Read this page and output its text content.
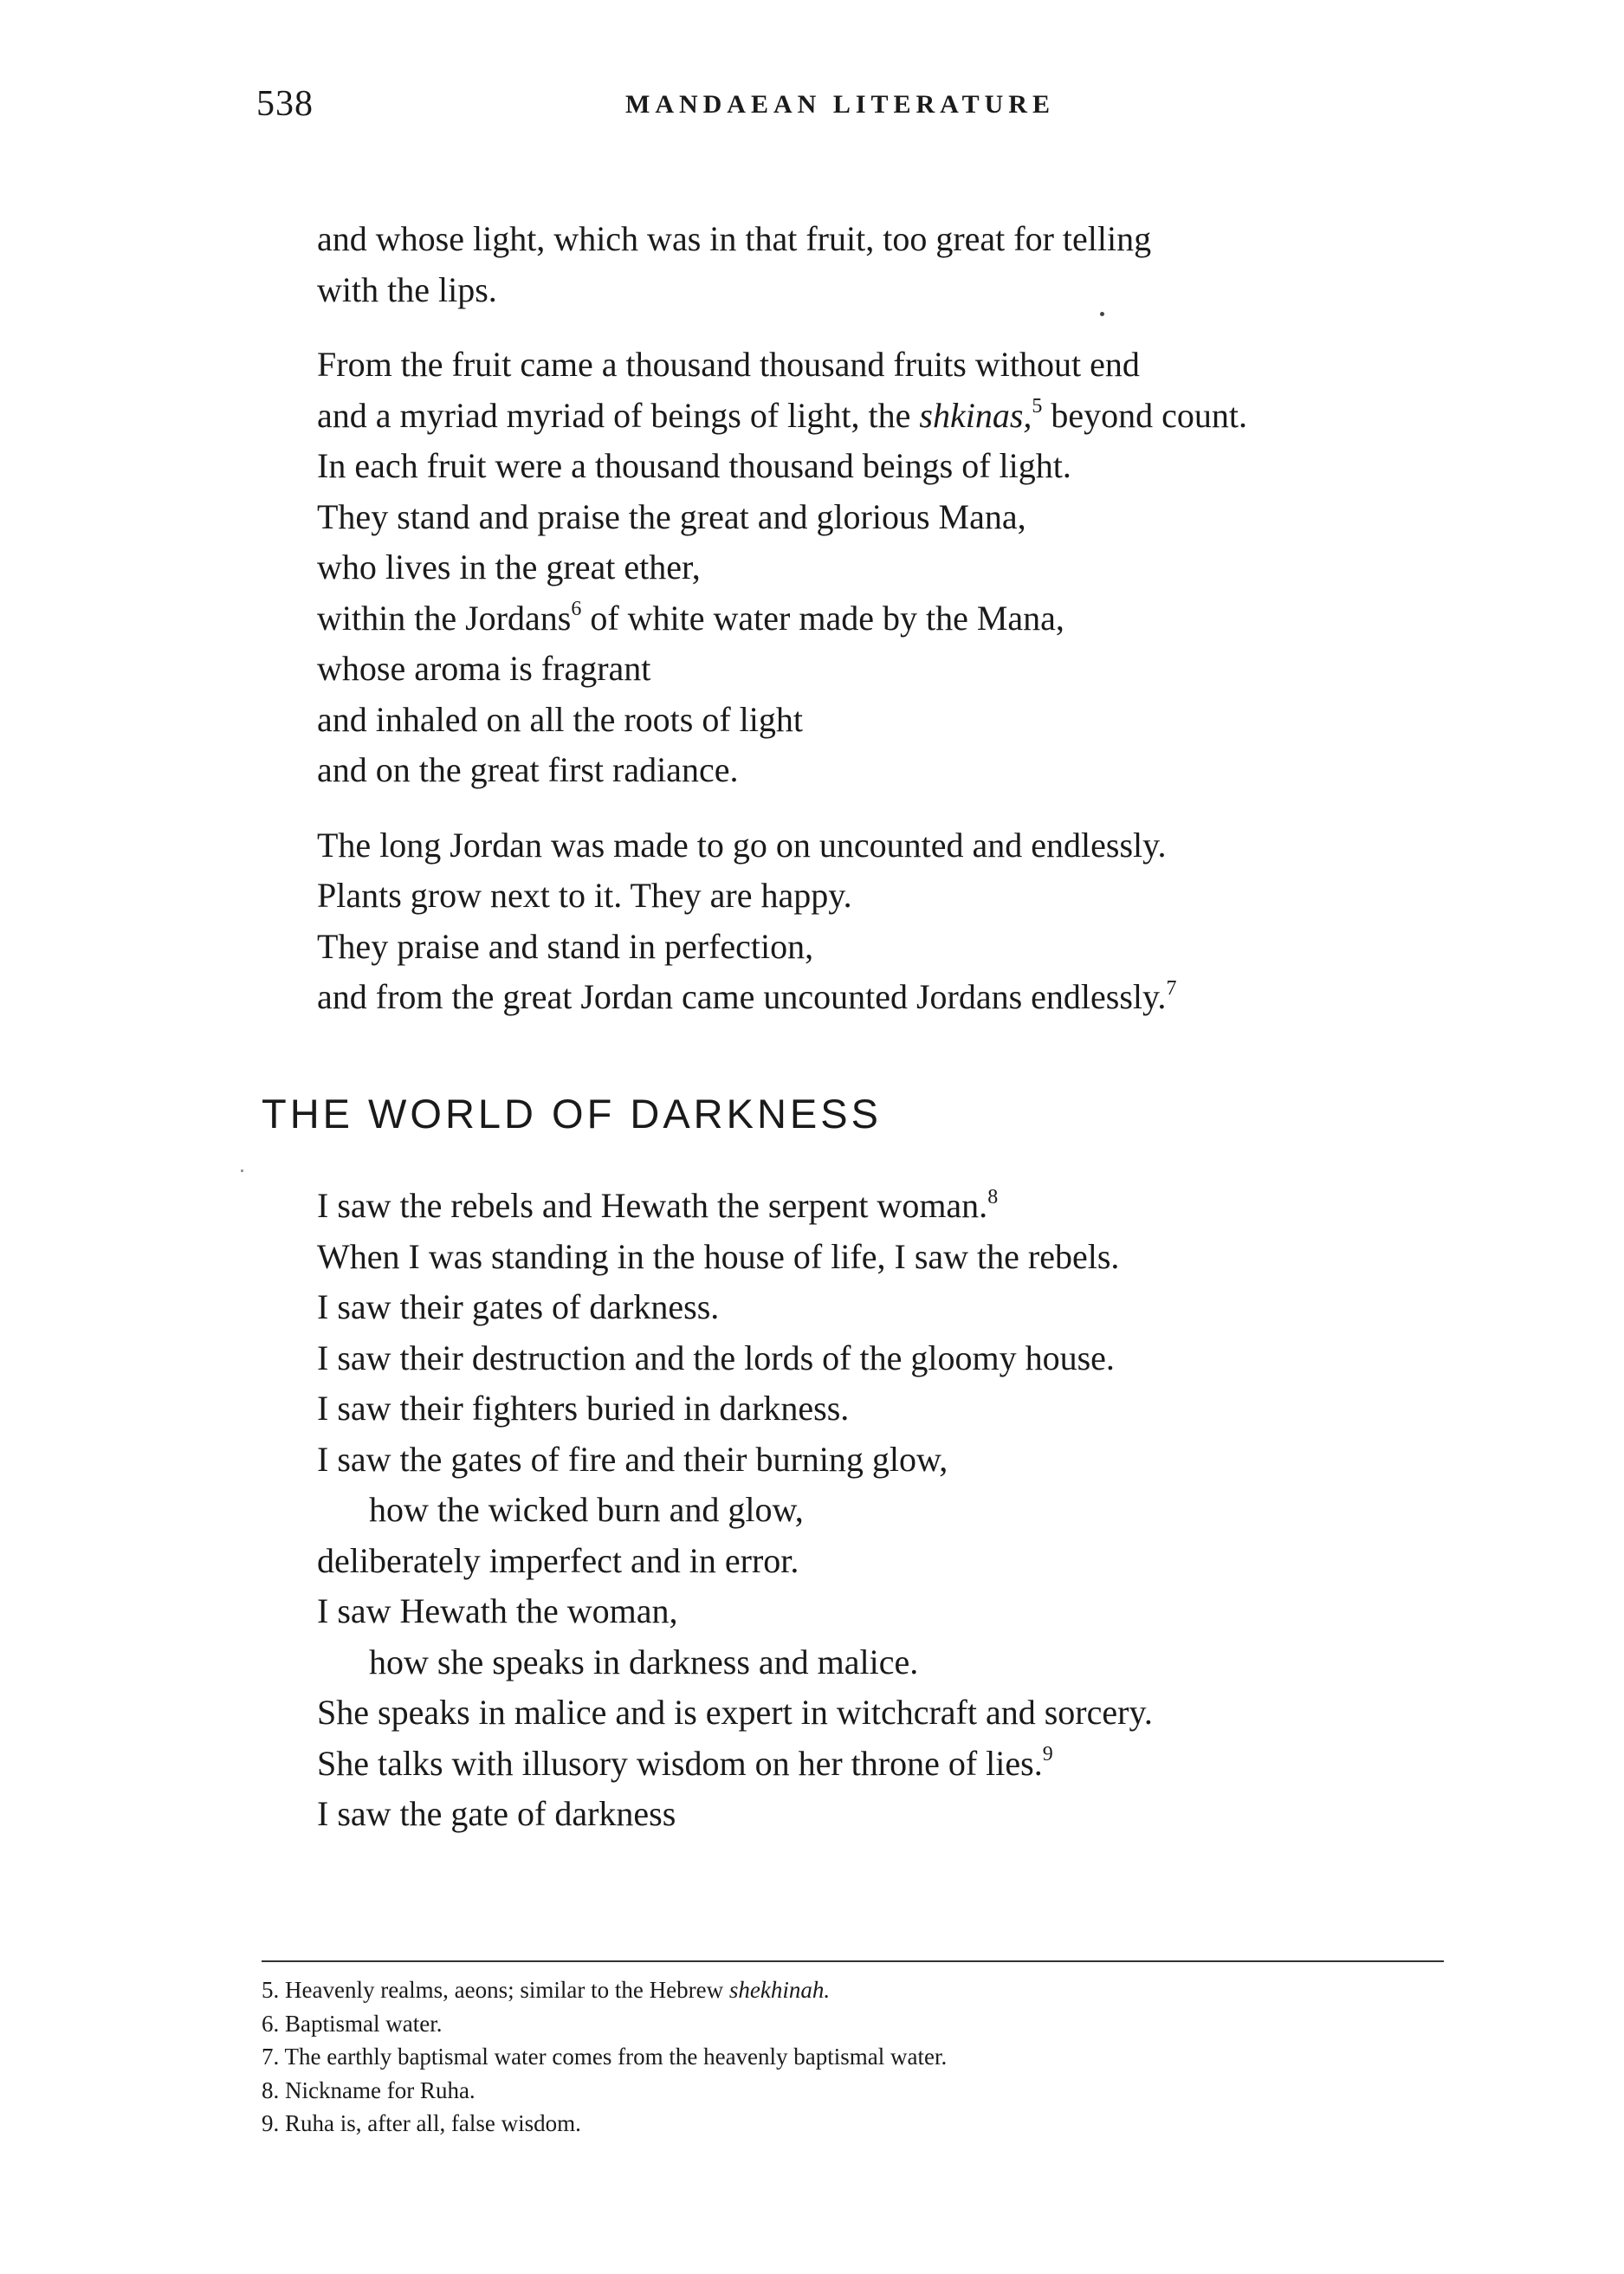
538	MANDAEAN LITERATURE
and whose light, which was in that fruit, too great for telling
with the lips.
From the fruit came a thousand thousand fruits without end
and a myriad myriad of beings of light, the shkinas,$^5$ beyond count.
In each fruit were a thousand thousand beings of light.
They stand and praise the great and glorious Mana,
who lives in the great ether,
within the Jordans$^6$ of white water made by the Mana,
whose aroma is fragrant
and inhaled on all the roots of light
and on the great first radiance.
The long Jordan was made to go on uncounted and endlessly.
Plants grow next to it. They are happy.
They praise and stand in perfection,
and from the great Jordan came uncounted Jordans endlessly.$^7$
THE WORLD OF DARKNESS
I saw the rebels and Hewath the serpent woman.$^8$
When I was standing in the house of life, I saw the rebels.
I saw their gates of darkness.
I saw their destruction and the lords of the gloomy house.
I saw their fighters buried in darkness.
I saw the gates of fire and their burning glow,
how the wicked burn and glow,
deliberately imperfect and in error.
I saw Hewath the woman,
how she speaks in darkness and malice.
She speaks in malice and is expert in witchcraft and sorcery.
She talks with illusory wisdom on her throne of lies.$^9$
I saw the gate of darkness
5. Heavenly realms, aeons; similar to the Hebrew shekhinah.
6. Baptismal water.
7. The earthly baptismal water comes from the heavenly baptismal water.
8. Nickname for Ruha.
9. Ruha is, after all, false wisdom.
